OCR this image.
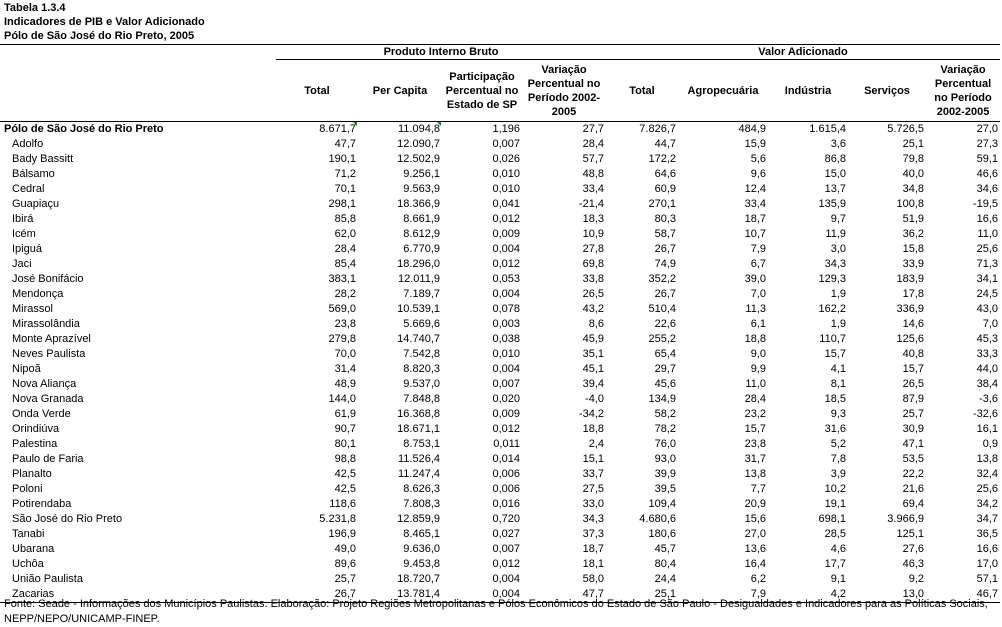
Tabela 1.3.4
Indicadores de PIB e Valor Adicionado
Pólo de São José do Rio Preto, 2005
	Produto Interno Bruto				Valor Adicionado				
	Total	Per Capita	Participação Percentual no Estado de SP	Variação Percentual no Período 2002-2005	Total	Agropecuária	Indústria	Serviços	Variação Percentual no Período 2002-2005
Pólo de São José do Rio Preto	8.671,7	11.094,8	1,196	27,7	7.826,7	484,9	1.615,4	5.726,5	27,0
Adolfo	47,7	12.090,7	0,007	28,4	44,7	15,9	3,6	25,1	27,3
Bady Bassitt	190,1	12.502,9	0,026	57,7	172,2	5,6	86,8	79,8	59,1
Bálsamo	71,2	9.256,1	0,010	48,8	64,6	9,6	15,0	40,0	46,6
Cedral	70,1	9.563,9	0,010	33,4	60,9	12,4	13,7	34,8	34,6
Guapiaçu	298,1	18.366,9	0,041	-21,4	270,1	33,4	135,9	100,8	-19,5
Ibirá	85,8	8.661,9	0,012	18,3	80,3	18,7	9,7	51,9	16,6
Icém	62,0	8.612,9	0,009	10,9	58,7	10,7	11,9	36,2	11,0
Ipiguá	28,4	6.770,9	0,004	27,8	26,7	7,9	3,0	15,8	25,6
Jaci	85,4	18.296,0	0,012	69,8	74,9	6,7	34,3	33,9	71,3
José Bonifácio	383,1	12.011,9	0,053	33,8	352,2	39,0	129,3	183,9	34,1
Mendonça	28,2	7.189,7	0,004	26,5	26,7	7,0	1,9	17,8	24,5
Mirassol	569,0	10.539,1	0,078	43,2	510,4	11,3	162,2	336,9	43,0
Mirassolândia	23,8	5.669,6	0,003	8,6	22,6	6,1	1,9	14,6	7,0
Monte Aprazível	279,8	14.740,7	0,038	45,9	255,2	18,8	110,7	125,6	45,3
Neves Paulista	70,0	7.542,8	0,010	35,1	65,4	9,0	15,7	40,8	33,3
Nipoã	31,4	8.820,3	0,004	45,1	29,7	9,9	4,1	15,7	44,0
Nova Aliança	48,9	9.537,0	0,007	39,4	45,6	11,0	8,1	26,5	38,4
Nova Granada	144,0	7.848,8	0,020	-4,0	134,9	28,4	18,5	87,9	-3,6
Onda Verde	61,9	16.368,8	0,009	-34,2	58,2	23,2	9,3	25,7	-32,6
Orindiúva	90,7	18.671,1	0,012	18,8	78,2	15,7	31,6	30,9	16,1
Palestina	80,1	8.753,1	0,011	2,4	76,0	23,8	5,2	47,1	0,9
Paulo de Faria	98,8	11.526,4	0,014	15,1	93,0	31,7	7,8	53,5	13,8
Planalto	42,5	11.247,4	0,006	33,7	39,9	13,8	3,9	22,2	32,4
Poloni	42,5	8.626,3	0,006	27,5	39,5	7,7	10,2	21,6	25,6
Potirendaba	118,6	7.808,3	0,016	33,0	109,4	20,9	19,1	69,4	34,2
São José do Rio Preto	5.231,8	12.859,9	0,720	34,3	4.680,6	15,6	698,1	3.966,9	34,7
Tanabi	196,9	8.465,1	0,027	37,3	180,6	27,0	28,5	125,1	36,5
Ubarana	49,0	9.636,0	0,007	18,7	45,7	13,6	4,6	27,6	16,6
Uchôa	89,6	9.453,8	0,012	18,1	80,4	16,4	17,7	46,3	17,0
União Paulista	25,7	18.720,7	0,004	58,0	24,4	6,2	9,1	9,2	57,1
Zacarias	26,7	13.781,4	0,004	47,7	25,1	7,9	4,2	13,0	46,7
Fonte: Seade - Informações dos Municípios Paulistas. Elaboração: Projeto Regiões Metropolitanas e Pólos Econômicos do Estado de São Paulo - Desigualdades e Indicadores para as Políticas Sociais, NEPP/NEPO/UNICAMP-FINEP.
